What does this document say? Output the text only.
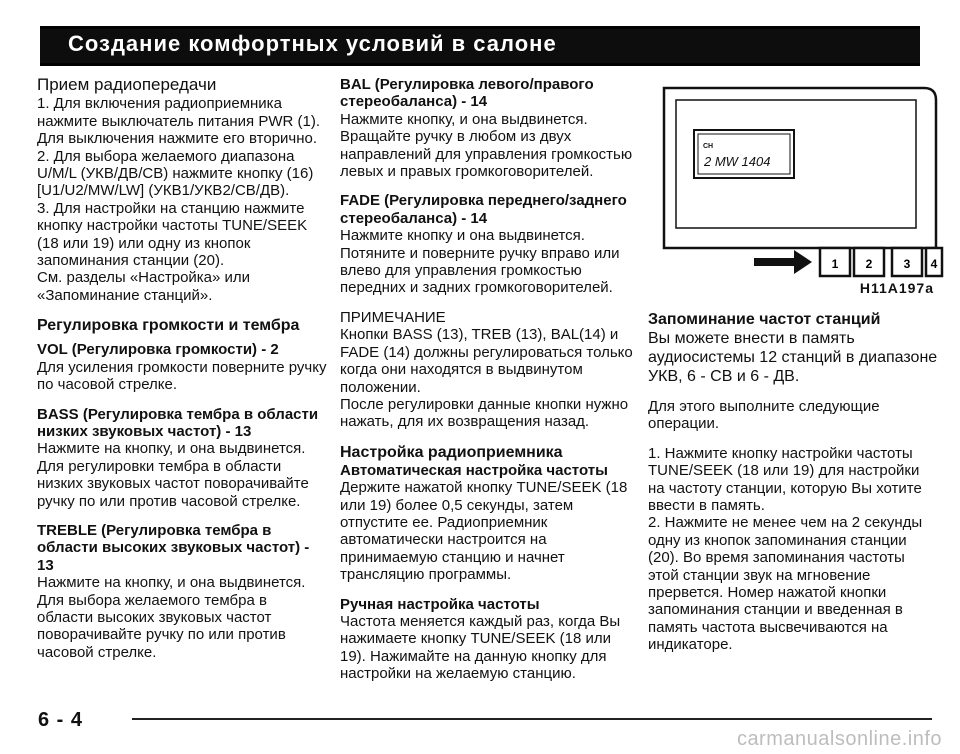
Создание комфортных условий в салоне

Прием радиопередачи

1. Для включения радиоприемника нажмите выключатель питания PWR (1).
Для выключения нажмите его вторично.
2. Для выбора желаемого диапазона U/M/L (УКВ/ДВ/СВ) нажмите кнопку (16) [U1/U2/MW/LW] (УКВ1/УКВ2/СВ/ДВ).
3. Для настройки на станцию нажмите кнопку настройки частоты TUNE/SEEK (18 или 19) или одну из кнопок запоминания станции (20).
См. разделы «Настройка» или «Запоминание станций».

Регулировка громкости и тембра

VOL (Регулировка громкости) - 2

Для усиления громкости поверните ручку по часовой стрелке.

BASS (Регулировка тембра в области низких звуковых частот) - 13

Нажмите на кнопку, и она выдвинется. Для регулировки тембра в области низких звуковых частот поворачивайте ручку по или против часовой стрелке.

TREBLE (Регулировка тембра в области высоких звуковых частот) - 13

Нажмите на кнопку, и она выдвинется. Для выбора желаемого тембра в области высоких звуковых частот поворачивайте ручку по или против часовой стрелке.

BAL (Регулировка левого/правого стереобаланса) - 14

Нажмите кнопку, и она выдвинется. Вращайте ручку в любом из двух направлений для управления громкостью левых и правых громкоговорителей.

FADE (Регулировка переднего/заднего стереобаланса) - 14

Нажмите кнопку и она выдвинется. Потяните и поверните ручку вправо или влево для управления громкостью передних и задних громкоговорителей.

ПРИМЕЧАНИЕ

Кнопки BASS (13), TREB (13), BAL(14) и FADE (14) должны регулироваться только когда они находятся в выдвинутом положении.
После регулировки данные кнопки нужно нажать, для их возвращения назад.

Настройка радиоприемника

Автоматическая настройка частоты

Держите нажатой кнопку TUNE/SEEK (18 или 19) более 0,5 секунды, затем отпустите ее. Радиоприемник автоматически настроится на принимаемую станцию и начнет трансляцию программы.

Ручная настройка частоты

Частота меняется каждый раз, когда Вы нажимаете кнопку TUNE/SEEK (18 или 19). Нажимайте на данную кнопку для настройки на желаемую станцию.

CH
2 MW 1404
1 2	3 4
H11A197a

Запоминание частот станций

Вы можете внести в память аудиосистемы 12 станций в диапазоне УКВ, 6 - СВ и 6 - ДВ.

Для этого выполните следующие операции.

1. Нажмите кнопку настройки частоты TUNE/SEEK (18 или 19) для настройки на частоту станции, которую Вы хотите ввести в память.
2. Нажмите не менее чем на 2 секунды одну из кнопок запоминания станции (20). Во время запоминания частоты этой станции звук на мгновение прервется. Номер нажатой кнопки запоминания станции и введенная в память частота высвечиваются на индикаторе.

6 - 4
carmanualsonline.info
